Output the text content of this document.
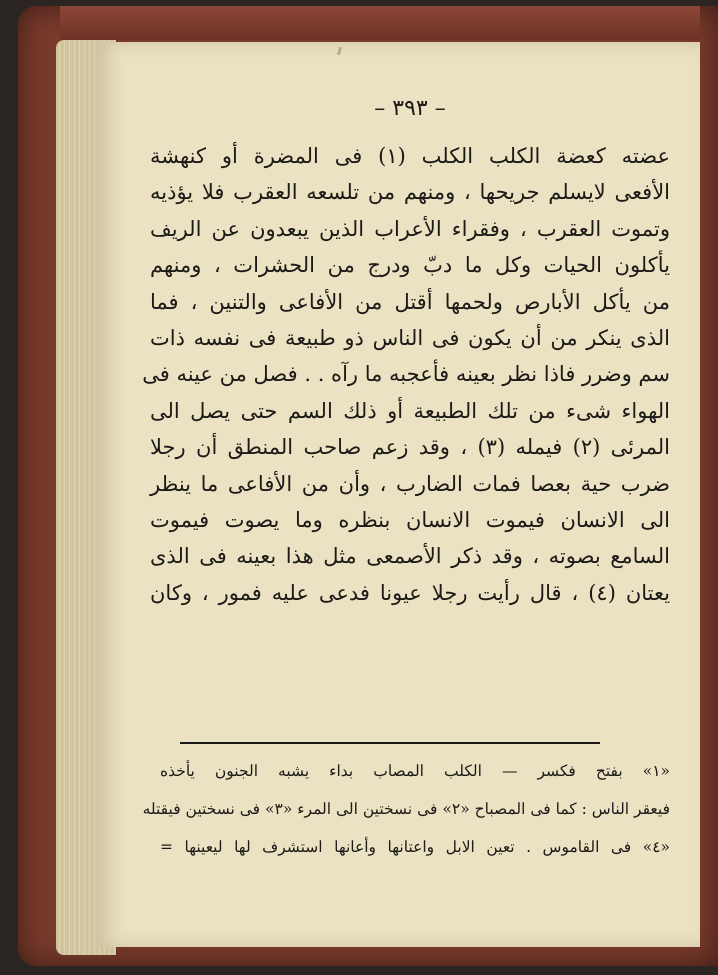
– ٣٩٣ –
عضته كعضة الكلب الكلب (١) فى المضرة أو كنهشة
الأفعى لايسلم جريحها ، ومنهم من تلسعه العقرب فلا يؤذيه
وتموت العقرب ، وفقراء الأعراب الذين يبعدون عن الريف
يأكلون الحيات وكل ما دبّ ودرج من الحشرات ، ومنهم
من يأكل الأبارص ولحمها أقتل من الأفاعى والتنين ، فما
الذى ينكر من أن يكون فى الناس ذو طبيعة فى نفسه ذات
سم وضرر فاذا نظر بعينه فأعجبه ما رآه . . فصل من عينه فى
الهواء شىء من تلك الطبيعة أو ذلك السم حتى يصل الى
المرئى (٢) فيمله (٣) ، وقد زعم صاحب المنطق أن رجلا
ضرب حية بعصا فمات الضارب ، وأن من الأفاعى ما ينظر
الى الانسان فيموت الانسان بنظره وما يصوت فيموت
السامع بصوته ، وقد ذكر الأصمعى مثل هذا بعينه فى الذى
يعتان (٤) ، قال رأيت رجلا عيونا فدعى عليه فمور ، وكان
«١» بفتح فكسر — الكلب المصاب بداء يشبه الجنون يأخذه
فيعقر الناس : كما فى المصباح «٢» فى نسختين الى المرء «٣» فى نسختين فيقتله
«٤» فى القاموس . تعين الابل واعتانها وأعانها استشرف لها ليعينها =
